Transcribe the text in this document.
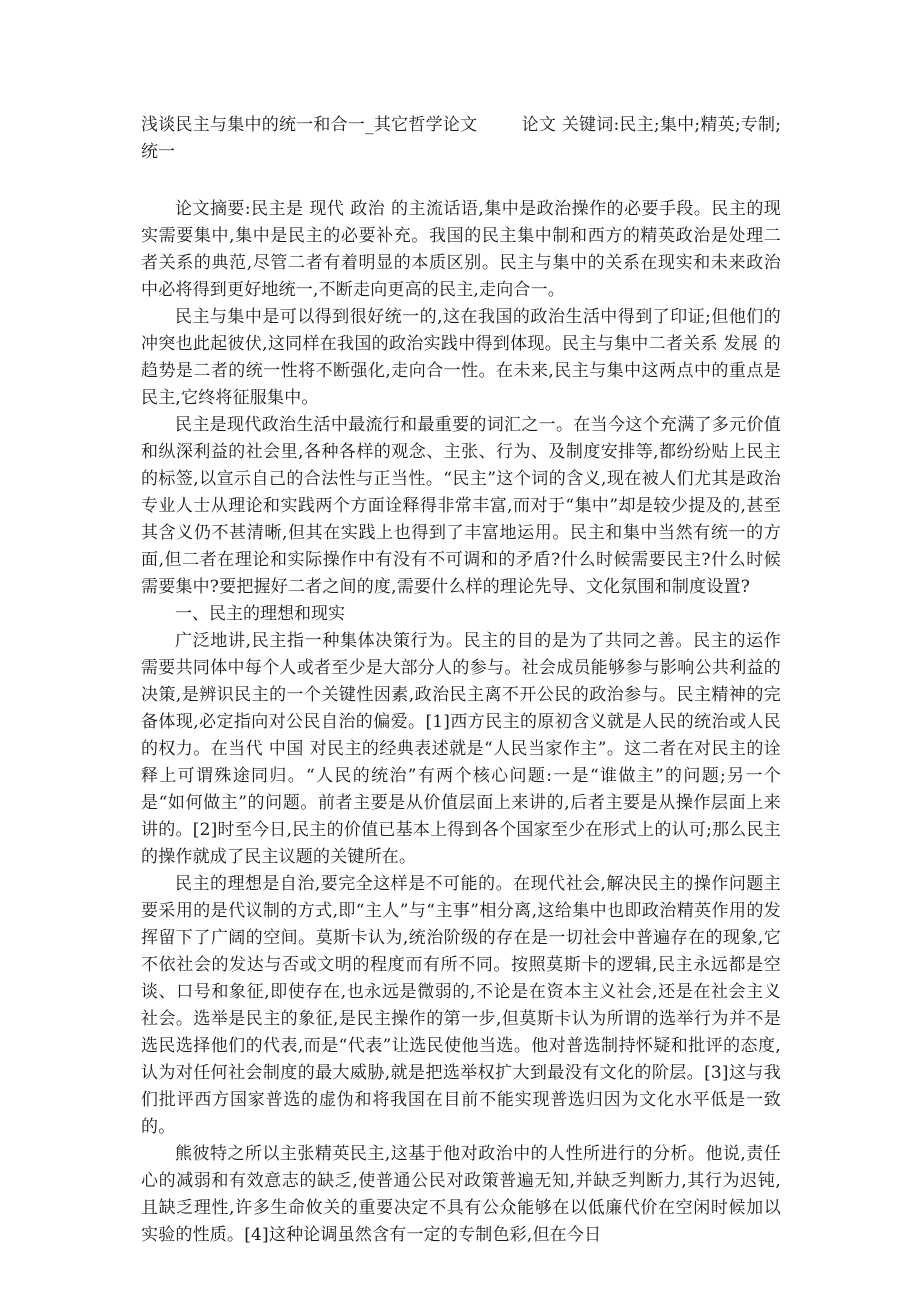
浅谈民主与集中的统一和合一_其它哲学论文	论文 关键词:民主;集中;精英;专制;统一

论文摘要:民主是 现代 政治 的主流话语,集中是政治操作的必要手段。民主的现实需要集中,集中是民主的必要补充。我国的民主集中制和西方的精英政治是处理二者关系的典范,尽管二者有着明显的本质区别。民主与集中的关系在现实和未来政治中必将得到更好地统一,不断走向更高的民主,走向合一。

民主与集中是可以得到很好统一的,这在我国的政治生活中得到了印证;但他们的冲突也此起彼伏,这同样在我国的政治实践中得到体现。民主与集中二者关系 发展 的趋势是二者的统一性将不断强化,走向合一性。在未来,民主与集中这两点中的重点是民主,它终将征服集中。

民主是现代政治生活中最流行和最重要的词汇之一。在当今这个充满了多元价值和纵深利益的社会里,各种各样的观念、主张、行为、及制度安排等,都纷纷贴上民主的标签,以宣示自己的合法性与正当性。“民主”这个词的含义,现在被人们尤其是政治专业人士从理论和实践两个方面诠释得非常丰富,而对于“集中”却是较少提及的,甚至其含义仍不甚清晰,但其在实践上也得到了丰富地运用。民主和集中当然有统一的方面,但二者在理论和实际操作中有没有不可调和的矛盾?什么时候需要民主?什么时候需要集中?要把握好二者之间的度,需要什么样的理论先导、文化氛围和制度设置?

一、民主的理想和现实

广泛地讲,民主指一种集体决策行为。民主的目的是为了共同之善。民主的运作需要共同体中每个人或者至少是大部分人的参与。社会成员能够参与影响公共利益的决策,是辨识民主的一个关键性因素,政治民主离不开公民的政治参与。民主精神的完备体现,必定指向对公民自治的偏爱。[1]西方民主的原初含义就是人民的统治或人民的权力。在当代 中国 对民主的经典表述就是“人民当家作主”。这二者在对民主的诠释上可谓殊途同归。“人民的统治”有两个核心问题:一是“谁做主”的问题;另一个是“如何做主”的问题。前者主要是从价值层面上来讲的,后者主要是从操作层面上来讲的。[2]时至今日,民主的价值已基本上得到各个国家至少在形式上的认可;那么民主的操作就成了民主议题的关键所在。

民主的理想是自治,要完全这样是不可能的。在现代社会,解决民主的操作问题主要采用的是代议制的方式,即“主人”与“主事”相分离,这给集中也即政治精英作用的发挥留下了广阔的空间。莫斯卡认为,统治阶级的存在是一切社会中普遍存在的现象,它不依社会的发达与否或文明的程度而有所不同。按照莫斯卡的逻辑,民主永远都是空谈、口号和象征,即使存在,也永远是微弱的,不论是在资本主义社会,还是在社会主义社会。选举是民主的象征,是民主操作的第一步,但莫斯卡认为所谓的选举行为并不是选民选择他们的代表,而是“代表”让选民使他当选。他对普选制持怀疑和批评的态度,认为对任何社会制度的最大威胁,就是把选举权扩大到最没有文化的阶层。[3]这与我们批评西方国家普选的虚伪和将我国在目前不能实现普选归因为文化水平低是一致的。

熊彼特之所以主张精英民主,这基于他对政治中的人性所进行的分析。他说,责任心的减弱和有效意志的缺乏,使普通公民对政策普遍无知,并缺乏判断力,其行为迟钝,且缺乏理性,许多生命攸关的重要决定不具有公众能够在以低廉代价在空闲时候加以实验的性质。[4]这种论调虽然含有一定的专制色彩,但在今日
